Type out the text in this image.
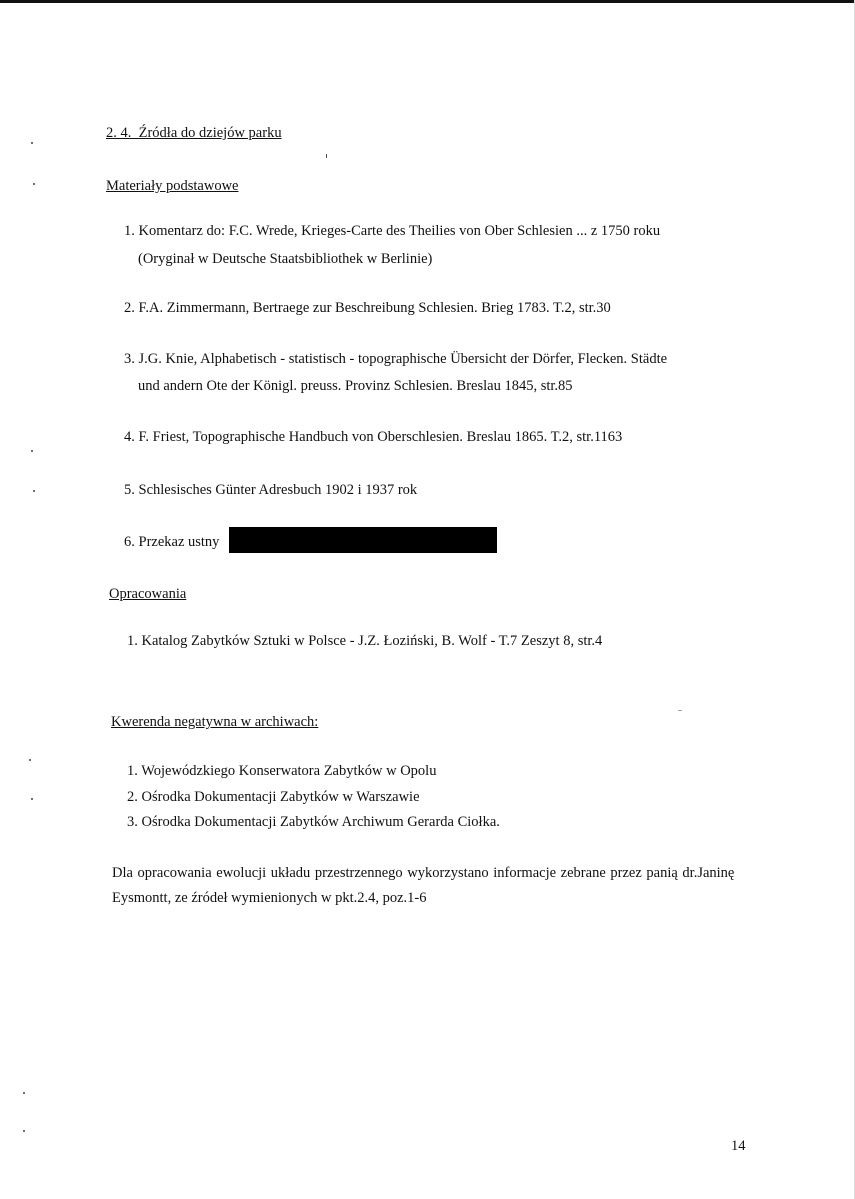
2. 4. Źródła do dziejów parku
Materiały podstawowe
1. Komentarz do: F.C. Wrede, Krieges-Carte des Theilies von Ober Schlesien ... z 1750 roku
(Oryginał w Deutsche Staatsbibliothek w Berlinie)
2. F.A. Zimmermann, Bertraege zur Beschreibung Schlesien. Brieg 1783. T.2, str.30
3. J.G. Knie, Alphabetisch - statistisch - topographische Übersicht der Dörfer, Flecken. Städte
und andern Ote der Königl. preuss. Provinz Schlesien. Breslau 1845, str.85
4. F. Friest, Topographische Handbuch von Oberschlesien. Breslau 1865. T.2, str.1163
5. Schlesisches Günter Adresbuch 1902 i 1937 rok
6. Przekaz ustny
Opracowania
1. Katalog Zabytków Sztuki w Polsce - J.Z. Łoziński, B. Wolf - T.7 Zeszyt 8, str.4
Kwerenda negatywna w archiwach:
1. Wojewódzkiego Konserwatora Zabytków w Opolu
2. Ośrodka Dokumentacji Zabytków w Warszawie
3. Ośrodka Dokumentacji Zabytków Archiwum Gerarda Ciołka.
Dla opracowania ewolucji układu przestrzennego wykorzystano informacje zebrane przez panią dr.Janinę
Eysmontt, ze źródeł wymienionych w pkt.2.4, poz.1-6
14
